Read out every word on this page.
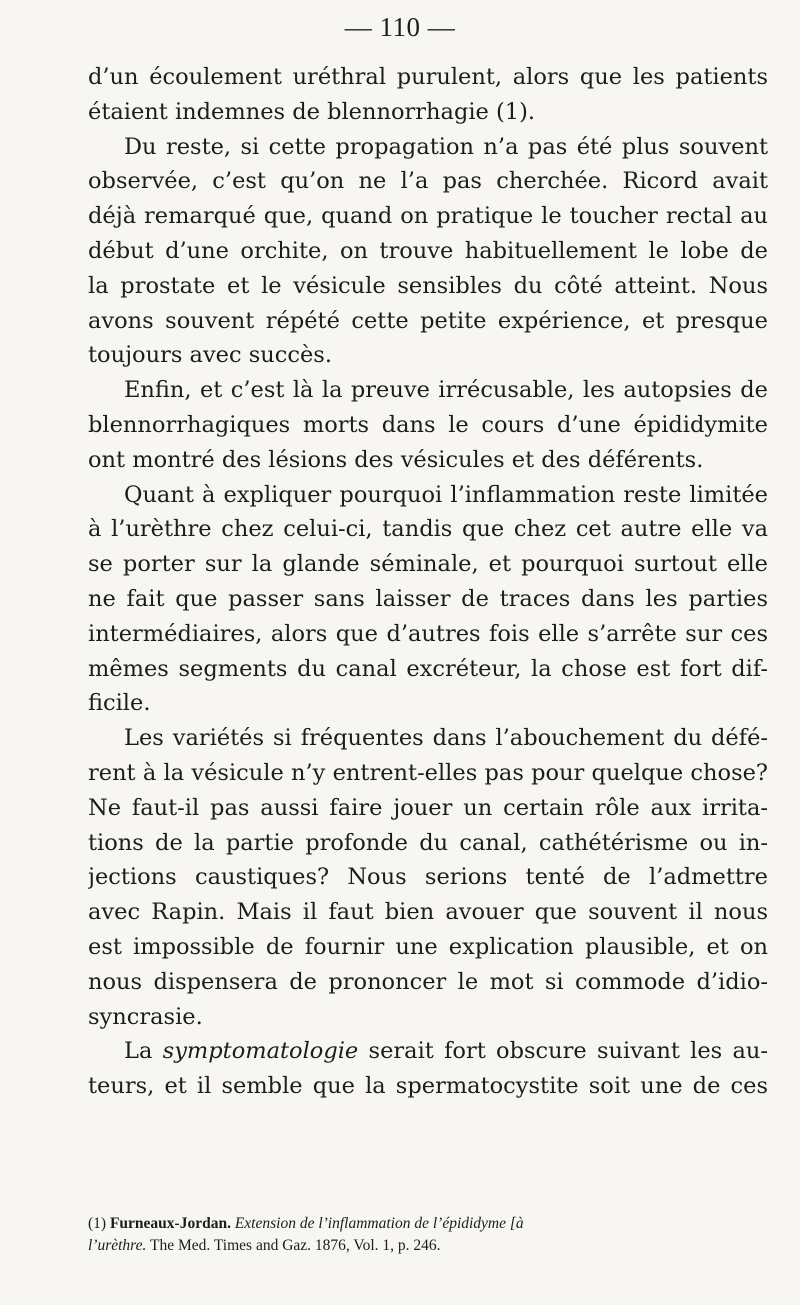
— 110 —
d’un écoulement uréthral purulent, alors que les patients
étaient indemnes de blennorrhagie (1).
Du reste, si cette propagation n’a pas été plus souvent
observée, c’est qu’on ne l’a pas cherchée. Ricord avait
déjà remarqué que, quand on pratique le toucher rectal au
début d’une orchite, on trouve habituellement le lobe de
la prostate et le vésicule sensibles du côté atteint. Nous
avons souvent répété cette petite expérience, et presque
toujours avec succès.
Enfin, et c’est là la preuve irrécusable, les autopsies de
blennorrhagiques morts dans le cours d’une épididymite
ont montré des lésions des vésicules et des déférents.
Quant à expliquer pourquoi l’inflammation reste limitée
à l’urèthre chez celui-ci, tandis que chez cet autre elle va
se porter sur la glande séminale, et pourquoi surtout elle
ne fait que passer sans laisser de traces dans les parties
intermédiaires, alors que d’autres fois elle s’arrête sur ces
mêmes segments du canal excréteur, la chose est fort dif-
ficile.
Les variétés si fréquentes dans l’abouchement du défé-
rent à la vésicule n’y entrent-elles pas pour quelque chose?
Ne faut-il pas aussi faire jouer un certain rôle aux irrita-
tions de la partie profonde du canal, cathétérisme ou in-
jections caustiques? Nous serions tenté de l’admettre
avec Rapin. Mais il faut bien avouer que souvent il nous
est impossible de fournir une explication plausible, et on
nous dispensera de prononcer le mot si commode d’idio-
syncrasie.
La symptomatologie serait fort obscure suivant les au-
teurs, et il semble que la spermatocystite soit une de ces
(1) Furneaux-Jordan. Extension de l’inflammation de l’épididyme [à
l’urèthre. The Med. Times and Gaz. 1876, Vol. 1, p. 246.
